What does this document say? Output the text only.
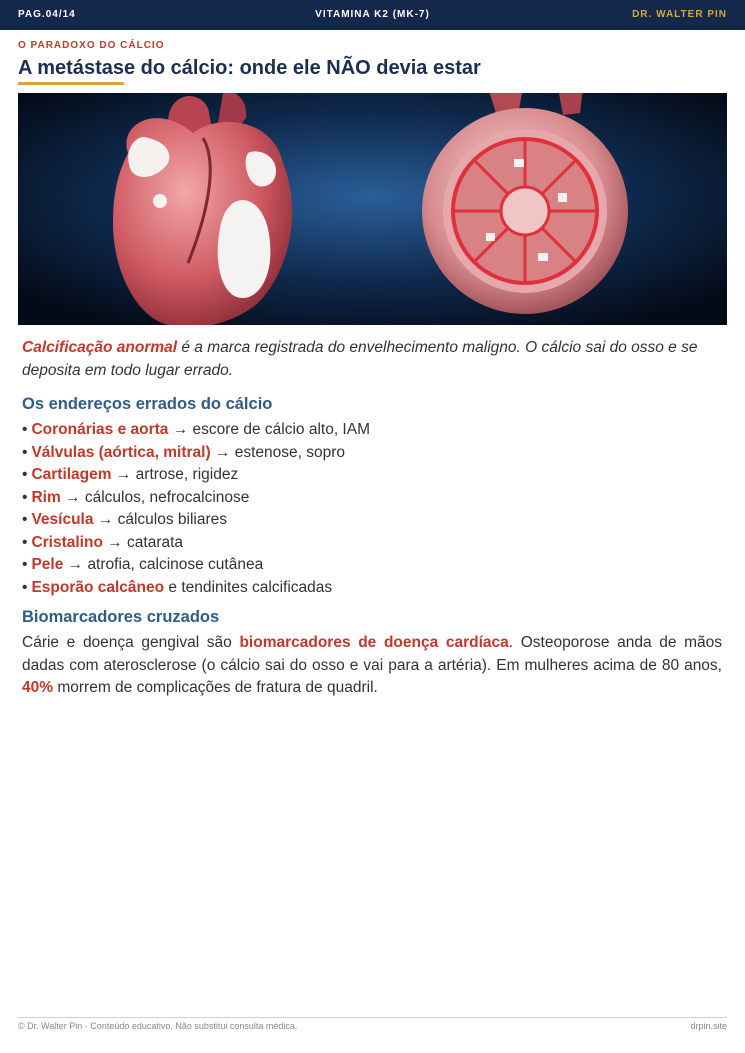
PAG.04/14	VITAMINA K2 (MK-7)	DR. WALTER PIN
O PARADOXO DO CÁLCIO
A metástase do cálcio: onde ele NÃO devia estar

Calcificação anormal é a marca registrada do envelhecimento maligno. O cálcio sai do osso e se deposita em todo lugar errado.

Os endereços errados do cálcio
• Coronárias e aorta → escore de cálcio alto, IAM
• Válvulas (aórtica, mitral) → estenose, sopro
• Cartilagem → artrose, rigidez
• Rim → cálculos, nefrocalcinose
• Vesícula → cálculos biliares
• Cristalino → catarata
• Pele → atrofia, calcinose cutânea
• Esporão calcâneo e tendinites calcificadas
Biomarcadores cruzados

Cárie e doença gengival são biomarcadores de doença cardíaca. Osteoporose anda de mãos dadas com aterosclerose (o cálcio sai do osso e vai para a artéria). Em mulheres acima de 80 anos, 40% morrem de complicações de fratura de quadril.

© Dr. Walter Pin · Conteúdo educativo. Não substitui consulta médica.	drpin.site
